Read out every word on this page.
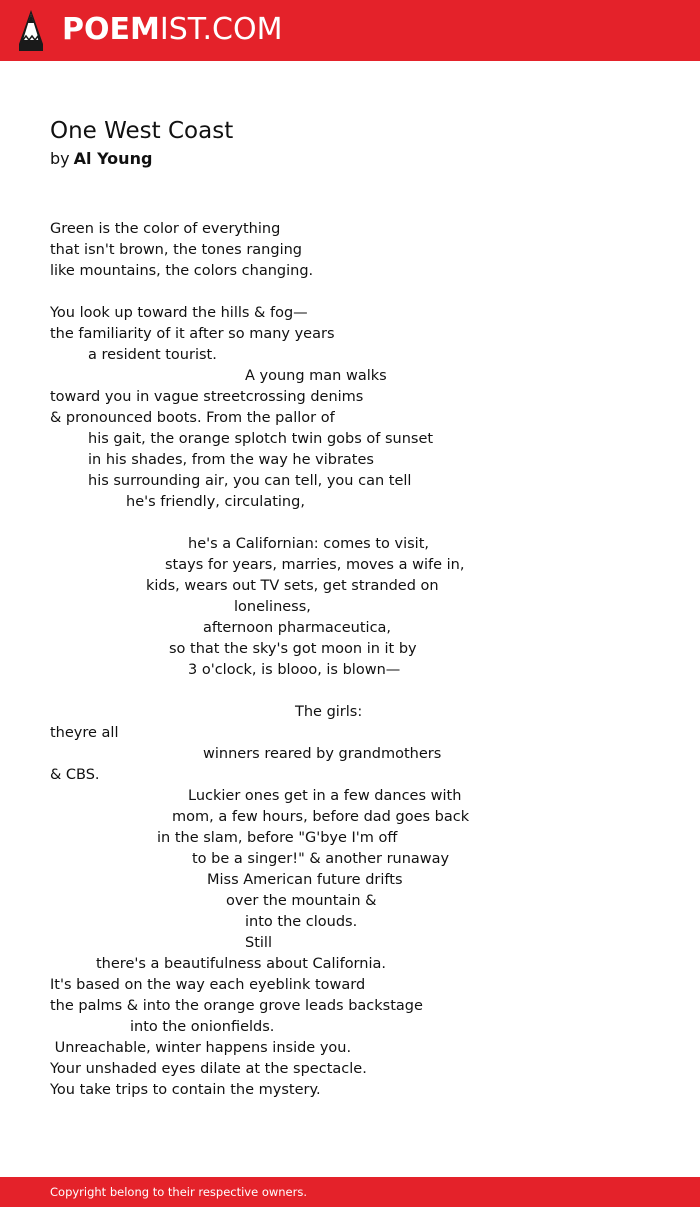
POEMIST.COM
One West Coast
by Al Young
Green is the color of everything
that isn't brown, the tones ranging
like mountains, the colors changing.
You look up toward the hills & fog—
the familiarity of it after so many years
a resident tourist.
A young man walks
toward you in vague streetcrossing denims
& pronounced boots. From the pallor of
his gait, the orange splotch twin gobs of sunset
in his shades, from the way he vibrates
his surrounding air, you can tell, you can tell
he's friendly, circulating,
he's a Californian: comes to visit,
stays for years, marries, moves a wife in,
kids, wears out TV sets, get stranded on
loneliness,
afternoon pharmaceutica,
so that the sky's got moon in it by
3 o'clock, is blooo, is blown—
The girls:
theyre all
winners reared by grandmothers
& CBS.
Luckier ones get in a few dances with
mom, a few hours, before dad goes back
in the slam, before "G'bye I'm off
to be a singer!" & another runaway
Miss American future drifts
over the mountain &
into the clouds.
Still
there's a beautifulness about California.
It's based on the way each eyeblink toward
the palms & into the orange grove leads backstage
into the onionfields.
Unreachable, winter happens inside you.
Your unshaded eyes dilate at the spectacle.
You take trips to contain the mystery.
Copyright belong to their respective owners.
